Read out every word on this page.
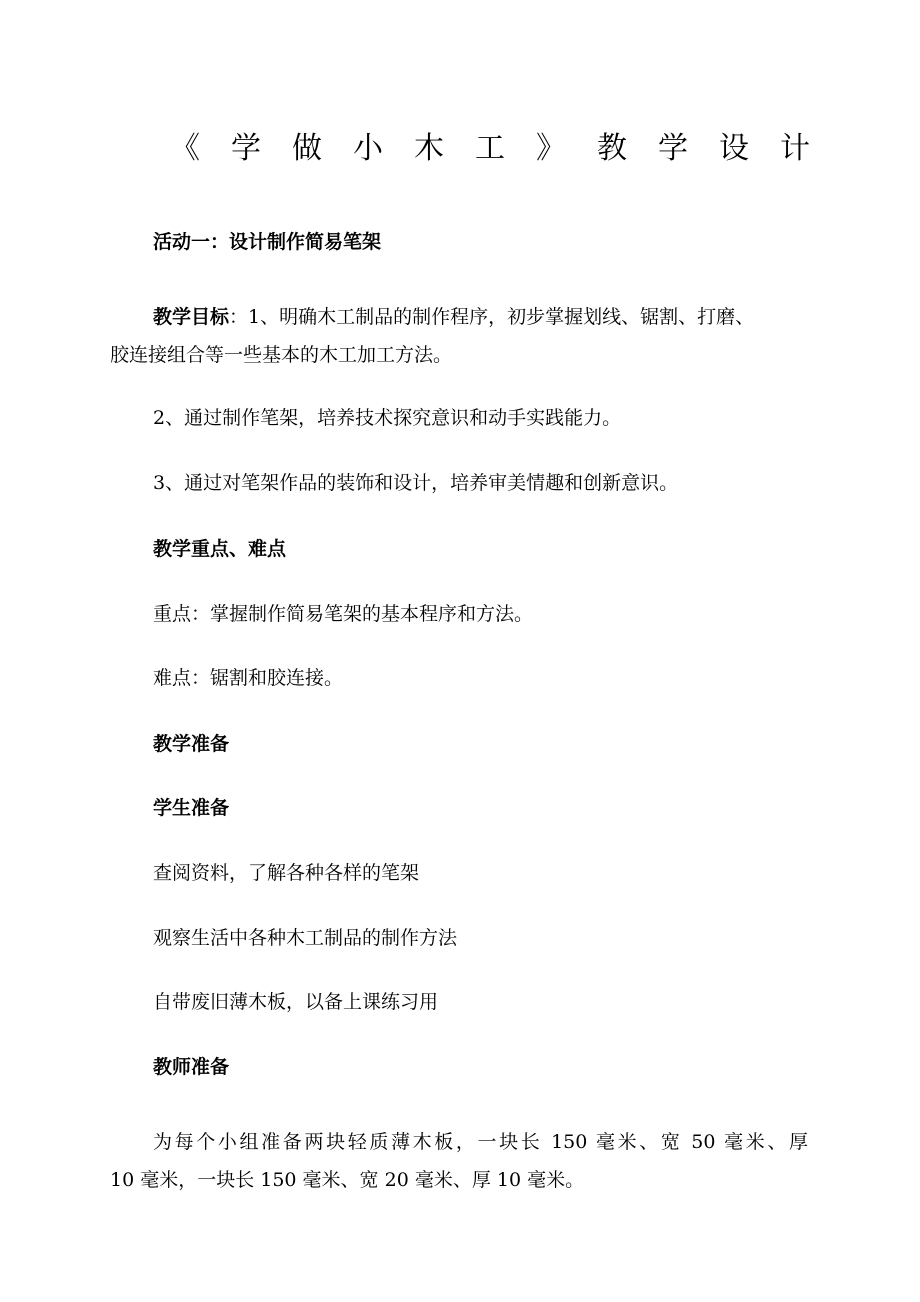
《 学 做 小 木 工 》 教 学 设 计

活动一：设计制作简易笔架

教学目标：1、明确木工制品的制作程序，初步掌握划线、锯割、打磨、

胶连接组合等一些基本的木工加工方法。

2、通过制作笔架，培养技术探究意识和动手实践能力。

3、通过对笔架作品的装饰和设计，培养审美情趣和创新意识。

教学重点、难点

重点：掌握制作简易笔架的基本程序和方法。

难点：锯割和胶连接。

教学准备

学生准备

查阅资料，了解各种各样的笔架

观察生活中各种木工制品的制作方法

自带废旧薄木板，以备上课练习用

教师准备

为每个小组准备两块轻质薄木板，一块长 150 毫米、宽 50 毫米、厚

10 毫米，一块长 150 毫米、宽 20 毫米、厚 10 毫米。
